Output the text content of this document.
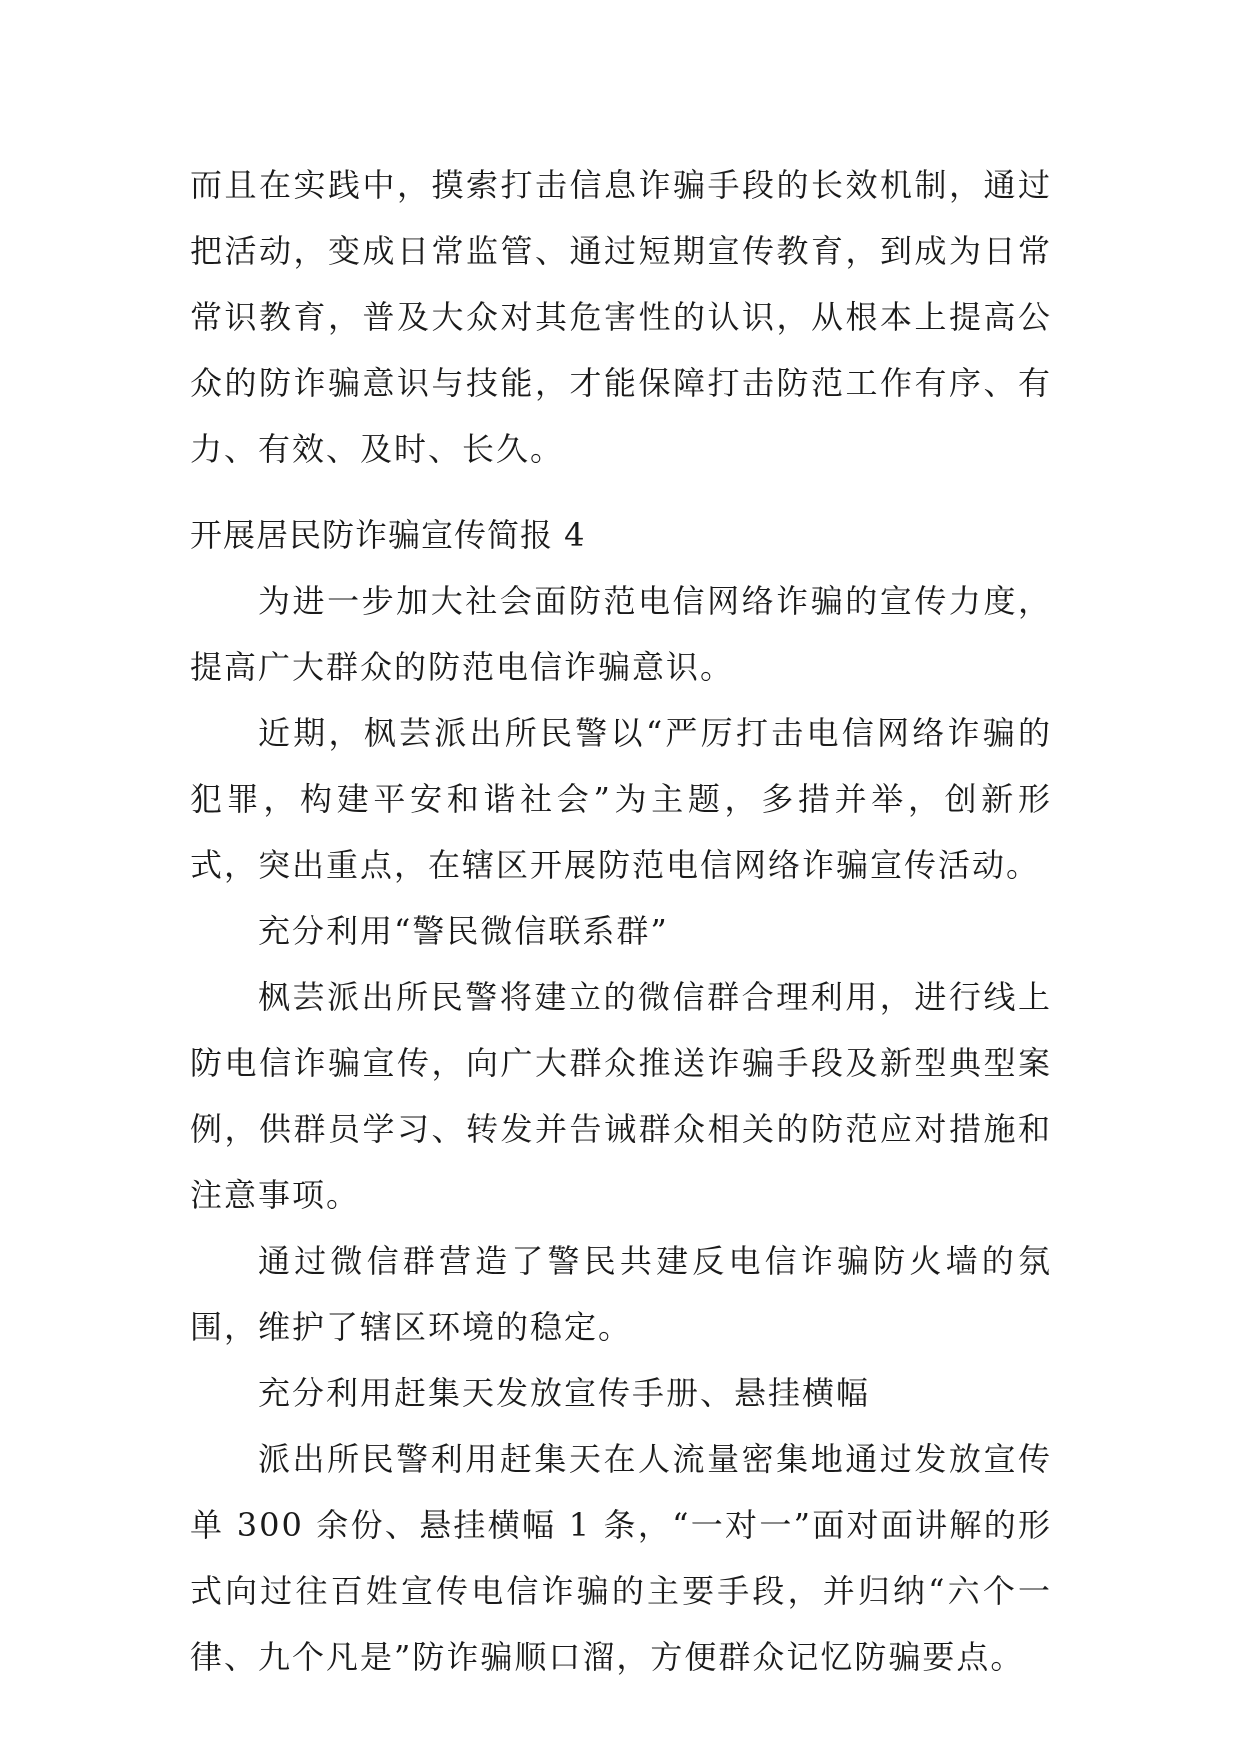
而且在实践中，摸索打击信息诈骗手段的长效机制，通过把活动，变成日常监管、通过短期宣传教育，到成为日常常识教育，普及大众对其危害性的认识，从根本上提高公众的防诈骗意识与技能，才能保障打击防范工作有序、有力、有效、及时、长久。

开展居民防诈骗宣传简报 4

为进一步加大社会面防范电信网络诈骗的宣传力度，提高广大群众的防范电信诈骗意识。

近期，枫芸派出所民警以“严厉打击电信网络诈骗的犯罪，构建平安和谐社会”为主题，多措并举，创新形式，突出重点，在辖区开展防范电信网络诈骗宣传活动。

充分利用“警民微信联系群”

枫芸派出所民警将建立的微信群合理利用，进行线上防电信诈骗宣传，向广大群众推送诈骗手段及新型典型案例，供群员学习、转发并告诫群众相关的防范应对措施和注意事项。

通过微信群营造了警民共建反电信诈骗防火墙的氛围，维护了辖区环境的稳定。

充分利用赶集天发放宣传手册、悬挂横幅

派出所民警利用赶集天在人流量密集地通过发放宣传单 300 余份、悬挂横幅 1 条，“一对一”面对面讲解的形式向过往百姓宣传电信诈骗的主要手段，并归纳“六个一律、九个凡是”防诈骗顺口溜，方便群众记忆防骗要点。
